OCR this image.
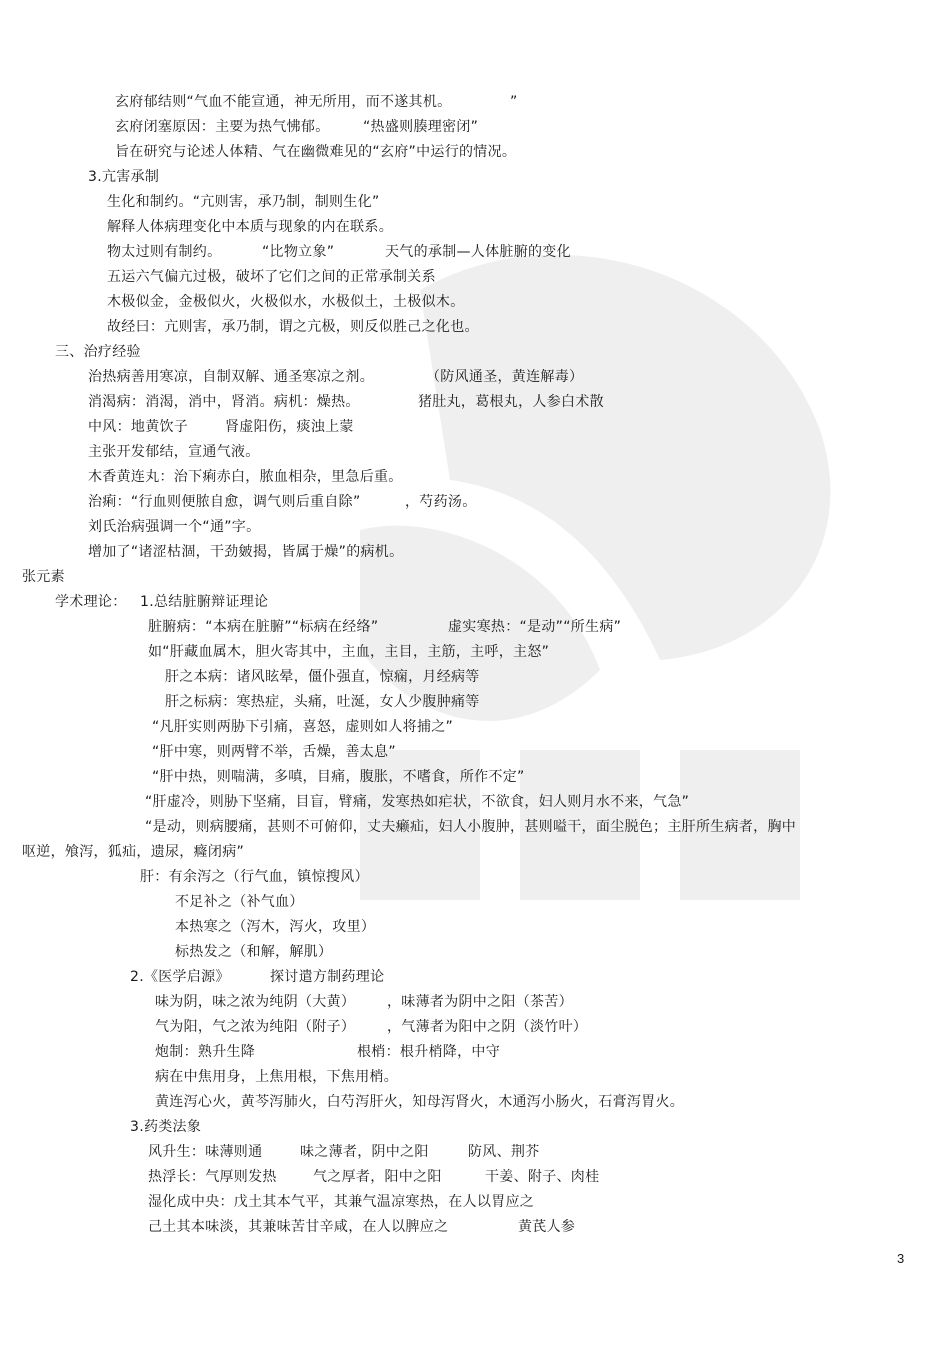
玄府郁结则“气血不能宣通，神无所用，而不遂其机。	”
玄府闭塞原因：主要为热气怫郁。 “热盛则腠理密闭”
旨在研究与论述人体精、气在幽微难见的“玄府”中运行的情况。
3.亢害承制
生化和制约。“亢则害，承乃制，制则生化”
解释人体病理变化中本质与现象的内在联系。
物太过则有制约。	“比物立象”	天气的承制—人体脏腑的变化
五运六气偏亢过极，破坏了它们之间的正常承制关系
木极似金，金极似火，火极似水，水极似土，土极似木。
故经曰：亢则害，承乃制，谓之亢极，则反似胜己之化也。
三、治疗经验
治热病善用寒凉，自制双解、通圣寒凉之剂。	（防风通圣，黄连解毒）
消渴病：消渴，消中，肾消。病机：燥热。	猪肚丸，葛根丸，人参白术散
中风：地黄饮子	肾虚阳伤，痰浊上蒙
主张开发郁结，宣通气液。
木香黄连丸：治下痢赤白，脓血相杂，里急后重。
治痢：“行血则便脓自愈，调气则后重自除”	，芍药汤。
刘氏治病强调一个“通”字。
增加了“诸涩枯涸，干劲皴揭，皆属于燥”的病机。
张元素
学术理论： 1.总结脏腑辩证理论
脏腑病：“本病在脏腑”“标病在经络”	虚实寒热：“是动”“所生病”
如“肝藏血属木，胆火寄其中，主血，主目，主筋，主呼，主怒”
肝之本病：诸风眩晕，僵仆强直，惊痫，月经病等
肝之标病：寒热症，头痛，吐涎，女人少腹肿痛等
“凡肝实则两胁下引痛，喜怒，虚则如人将捕之”
“肝中寒，则两臂不举，舌燥，善太息”
“肝中热，则喘满，多嗔，目痛，腹胀，不嗜食，所作不定”
“肝虚冷，则胁下坚痛，目盲，臂痛，发寒热如疟状，不欲食，妇人则月水不来，气急”
“是动，则病腰痛，甚则不可俯仰，丈夫癞疝，妇人小腹肿，甚则嗌干，面尘脱色；主肝所生病者，胸中
呕逆，飧泻，狐疝，遗尿，癃闭病”
肝：有余泻之（行气血，镇惊搜风）
不足补之（补气血）
本热寒之（泻木，泻火，攻里）
标热发之（和解，解肌）
2.《医学启源》	探讨遣方制药理论
味为阴，味之浓为纯阴（大黄） ，味薄者为阴中之阳（茶苦）
气为阳，气之浓为纯阳（附子） ，气薄者为阳中之阴（淡竹叶）
炮制：熟升生降	根梢：根升梢降，中守
病在中焦用身，上焦用根，下焦用梢。
黄连泻心火，黄芩泻肺火，白芍泻肝火，知母泻肾火，木通泻小肠火，石膏泻胃火。
3.药类法象
风升生：味薄则通	味之薄者，阴中之阳	防风、荆芥
热浮长：气厚则发热	气之厚者，阳中之阳	干姜、附子、肉桂
湿化成中央：戊土其本气平，其兼气温凉寒热，在人以胃应之
己土其本味淡，其兼味苦甘辛咸，在人以脾应之	黄芪人参
3
